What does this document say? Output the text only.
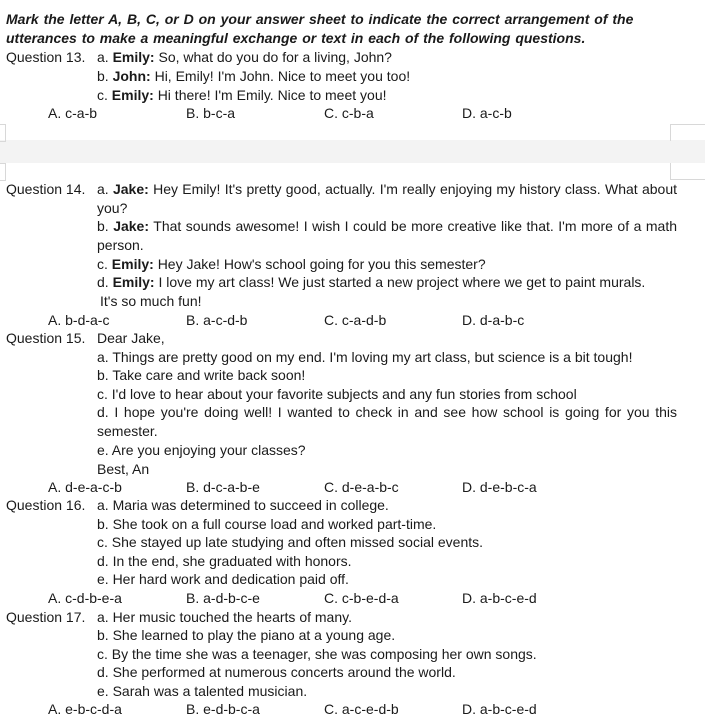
Mark the letter A, B, C, or D on your answer sheet to indicate the correct arrangement of the utterances to make a meaningful exchange or text in each of the following questions.
Question 13. a. Emily: So, what do you do for a living, John?
b. John: Hi, Emily! I'm John. Nice to meet you too!
c. Emily: Hi there! I'm Emily. Nice to meet you!
A. c-a-b	B. b-c-a	C. c-b-a	D. a-c-b
Question 14. a. Jake: Hey Emily! It's pretty good, actually. I'm really enjoying my history class. What about you?
b. Jake: That sounds awesome! I wish I could be more creative like that. I'm more of a math person.
c. Emily: Hey Jake! How's school going for you this semester?
d. Emily: I love my art class! We just started a new project where we get to paint murals.
It's so much fun!
A. b-d-a-c	B. a-c-d-b	C. c-a-d-b	D. d-a-b-c
Question 15. Dear Jake,
a. Things are pretty good on my end. I'm loving my art class, but science is a bit tough!
b. Take care and write back soon!
c. I'd love to hear about your favorite subjects and any fun stories from school
d. I hope you're doing well! I wanted to check in and see how school is going for you this semester.
e. Are you enjoying your classes?
Best, An
A. d-e-a-c-b	B. d-c-a-b-e	C. d-e-a-b-c	D. d-e-b-c-a
Question 16. a. Maria was determined to succeed in college.
b. She took on a full course load and worked part-time.
c. She stayed up late studying and often missed social events.
d. In the end, she graduated with honors.
e. Her hard work and dedication paid off.
A. c-d-b-e-a	B. a-d-b-c-e	C. c-b-e-d-a	D. a-b-c-e-d
Question 17. a. Her music touched the hearts of many.
b. She learned to play the piano at a young age.
c. By the time she was a teenager, she was composing her own songs.
d. She performed at numerous concerts around the world.
e. Sarah was a talented musician.
A. e-b-c-d-a	B. e-d-b-c-a	C. a-c-e-d-b	D. a-b-c-e-d
